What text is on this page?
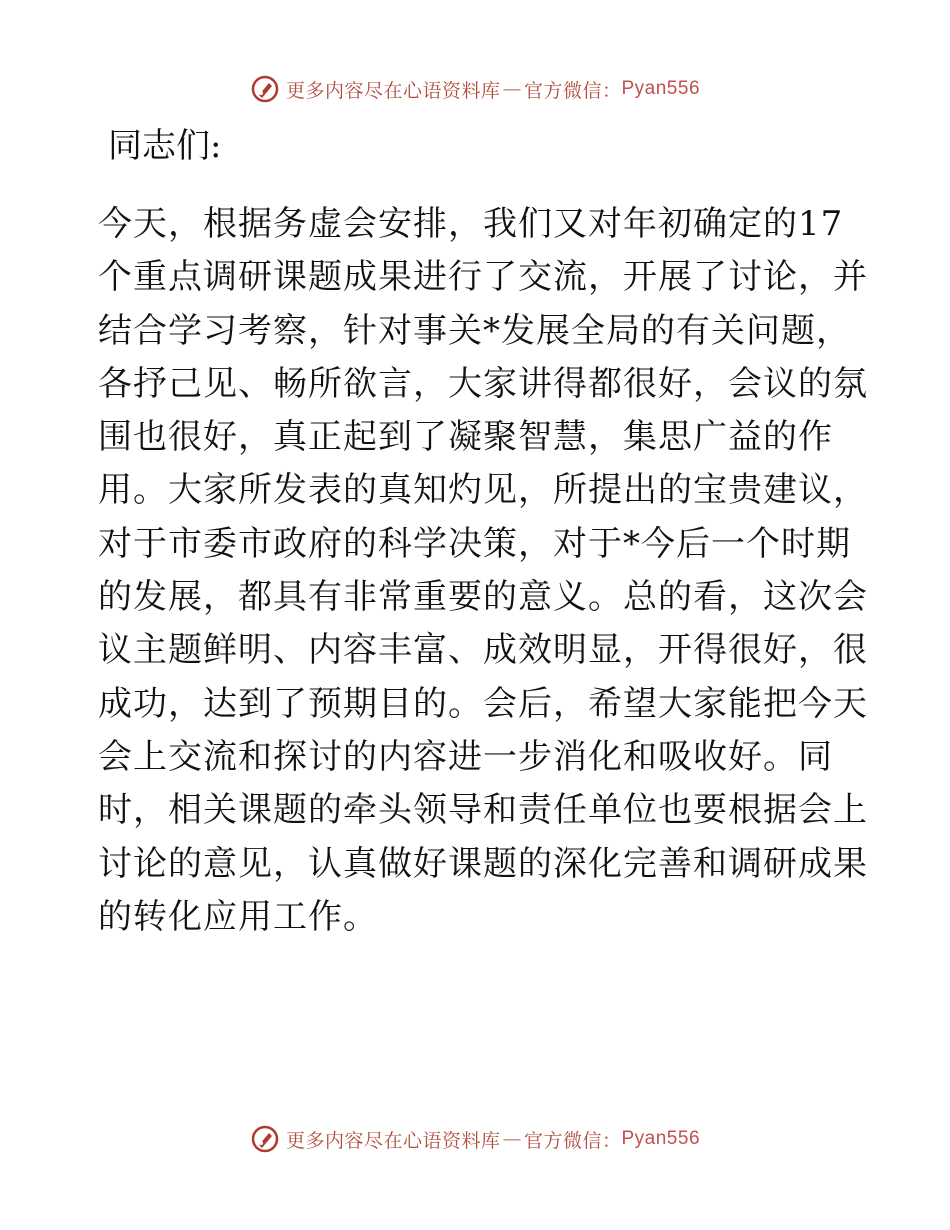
更多内容尽在心语资料库 — 官方微信： Pyan556

同志们:

今天，根据务虚会安排，我们又对年初确定的17
个重点调研课题成果进行了交流，开展了讨论，并
结合学习考察，针对事关*发展全局的有关问题，
各抒己见、畅所欲言，大家讲得都很好，会议的氛
围也很好，真正起到了凝聚智慧，集思广益的作
用。大家所发表的真知灼见，所提出的宝贵建议，
对于市委市政府的科学决策，对于*今后一个时期
的发展，都具有非常重要的意义。总的看，这次会
议主题鲜明、内容丰富、成效明显，开得很好，很
成功，达到了预期目的。会后，希望大家能把今天
会上交流和探讨的内容进一步消化和吸收好。同
时，相关课题的牵头领导和责任单位也要根据会上
讨论的意见，认真做好课题的深化完善和调研成果
的转化应用工作。
更多内容尽在心语资料库 — 官方微信： Pyan556
